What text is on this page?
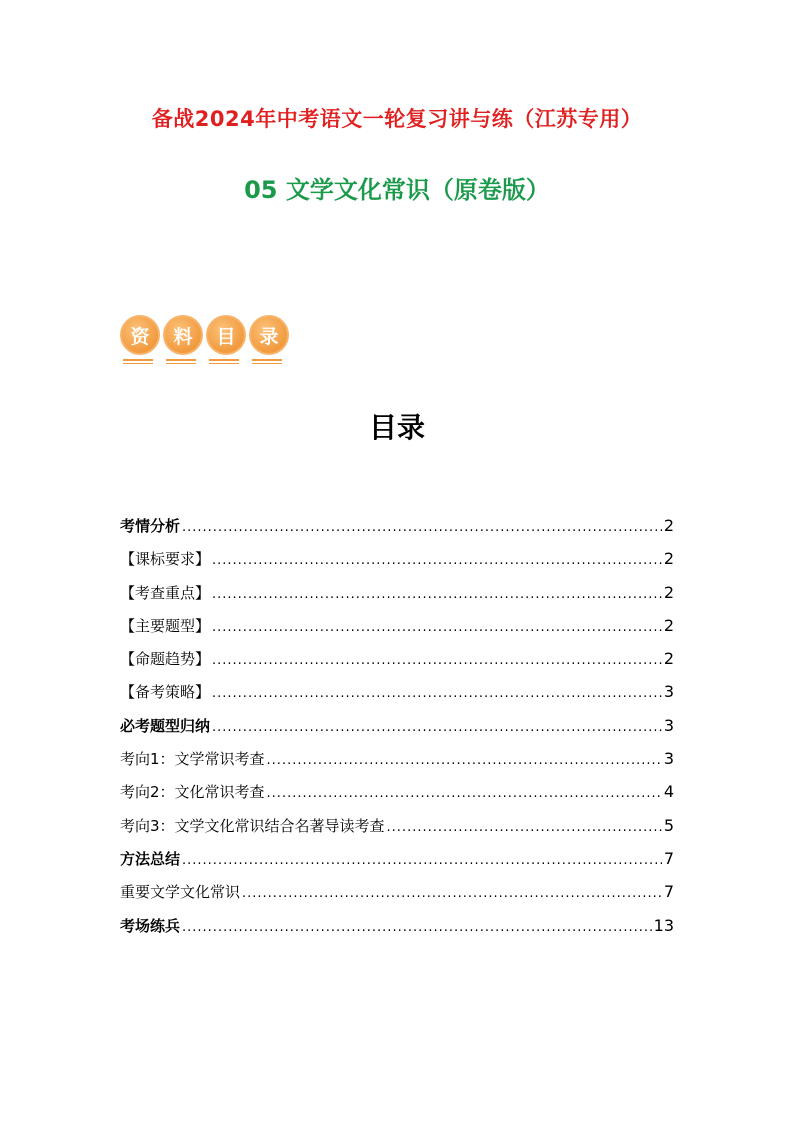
备战2024年中考语文一轮复习讲与练（江苏专用）
05 文学文化常识（原卷版）
资	料	目	录
目录
考情分析 .....	2
【课标要求】 .....	2
【考查重点】 .....	2
【主要题型】 .....	2
【命题趋势】 .....	2
【备考策略】 .....	3
必考题型归纳 .....	3
考向1：文学常识考查 .....	3
考向2：文化常识考查 .....	4
考向3：文学文化常识结合名著导读考查 .....	5
方法总结 .....	7
重要文学文化常识 .....	7
考场练兵 .....	13
